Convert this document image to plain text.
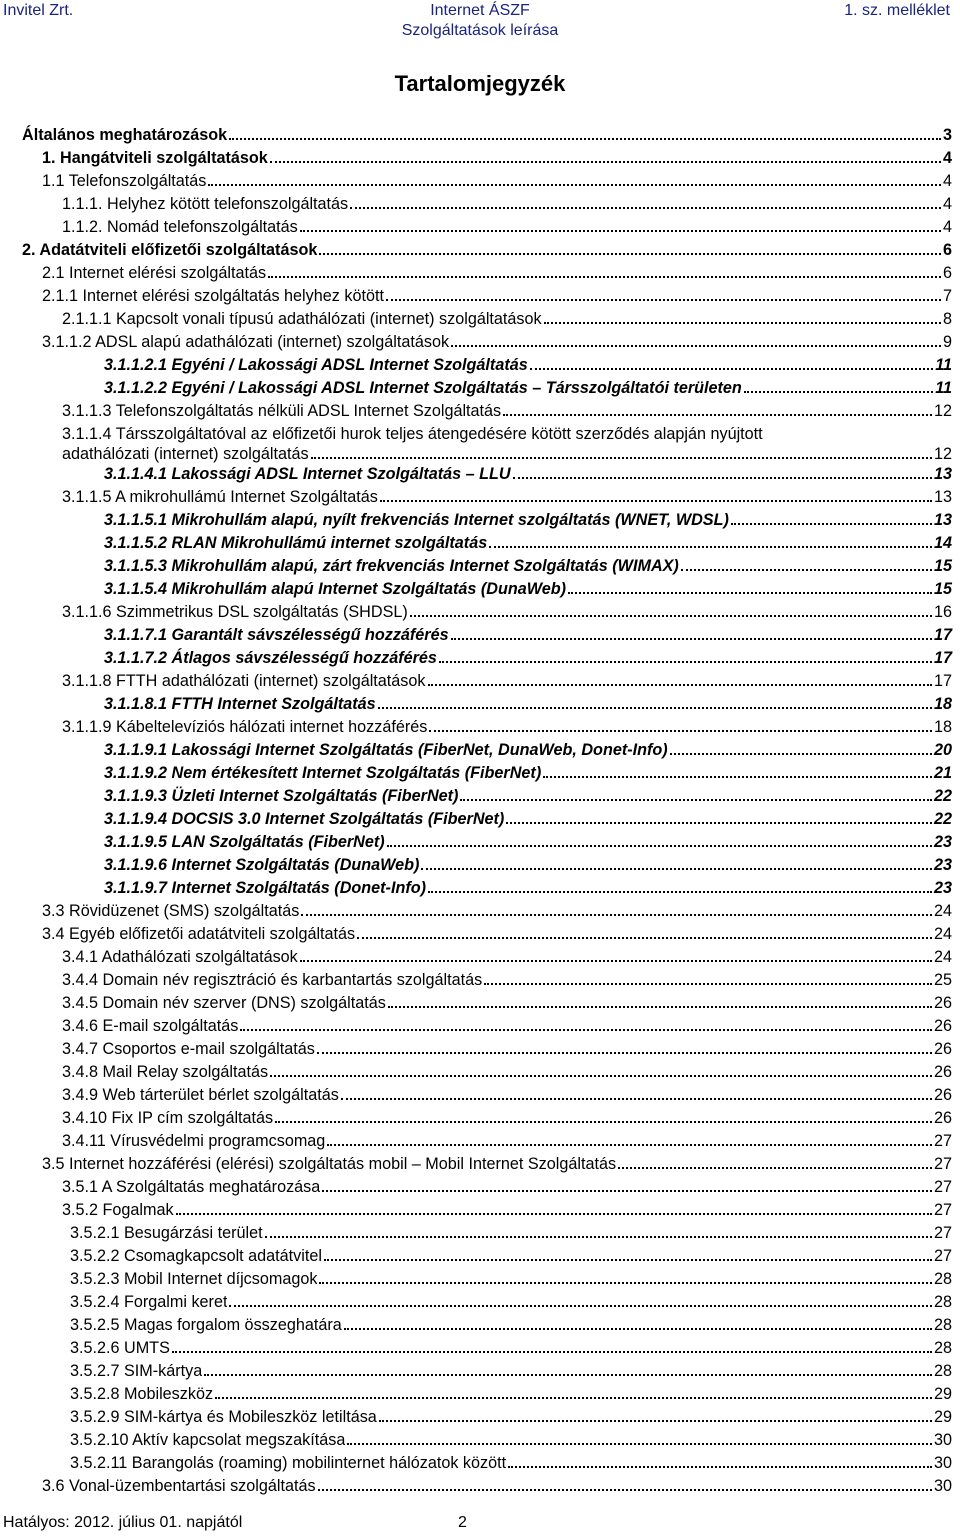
Invitel Zrt.	Internet ÁSZF
Szolgáltatások leírása
1. sz. melléklet
Tartalomjegyzék
Általános meghatározások	3
1. Hangátviteli szolgáltatások	4
1.1 Telefonszolgáltatás	4
1.1.1. Helyhez kötött telefonszolgáltatás	4
1.1.2. Nomád telefonszolgáltatás	4
2. Adatátviteli előfizetői szolgáltatások	6
2.1 Internet elérési szolgáltatás	6
2.1.1 Internet elérési szolgáltatás helyhez kötött	7
2.1.1.1 Kapcsolt vonali típusú adathálózati (internet) szolgáltatások	8
3.1.1.2 ADSL alapú adathálózati (internet) szolgáltatások	9
3.1.1.2.1 Egyéni / Lakossági ADSL Internet Szolgáltatás	11
3.1.1.2.2 Egyéni / Lakossági ADSL Internet Szolgáltatás – Társszolgáltatói területen	11
3.1.1.3 Telefonszolgáltatás nélküli ADSL Internet Szolgáltatás	12
3.1.1.4 Társszolgáltatóval az előfizetői hurok teljes átengedésére kötött szerződés alapján nyújtott
adathálózati (internet) szolgáltatás	12
3.1.1.4.1 Lakossági ADSL Internet Szolgáltatás – LLU	13
3.1.1.5 A mikrohullámú Internet Szolgáltatás	13
3.1.1.5.1 Mikrohullám alapú, nyílt frekvenciás Internet szolgáltatás (WNET, WDSL)	13
3.1.1.5.2 RLAN Mikrohullámú internet szolgáltatás	14
3.1.1.5.3 Mikrohullám alapú, zárt frekvenciás Internet Szolgáltatás (WIMAX)	15
3.1.1.5.4 Mikrohullám alapú Internet Szolgáltatás (DunaWeb)	15
3.1.1.6 Szimmetrikus DSL szolgáltatás (SHDSL)	16
3.1.1.7.1 Garantált sávszélességű hozzáférés	17
3.1.1.7.2 Átlagos sávszélességű hozzáférés	17
3.1.1.8 FTTH adathálózati (internet) szolgáltatások	17
3.1.1.8.1 FTTH Internet Szolgáltatás	18
3.1.1.9 Kábeltelevíziós hálózati internet hozzáférés	18
3.1.1.9.1 Lakossági Internet Szolgáltatás (FiberNet, DunaWeb, Donet-Info)	20
3.1.1.9.2 Nem értékesített Internet Szolgáltatás (FiberNet)	21
3.1.1.9.3 Üzleti Internet Szolgáltatás (FiberNet)	22
3.1.1.9.4 DOCSIS 3.0 Internet Szolgáltatás (FiberNet)	22
3.1.1.9.5 LAN Szolgáltatás (FiberNet)	23
3.1.1.9.6 Internet Szolgáltatás (DunaWeb)	23
3.1.1.9.7 Internet Szolgáltatás (Donet-Info)	23
3.3 Rövidüzenet (SMS) szolgáltatás	24
3.4 Egyéb előfizetői adatátviteli szolgáltatás	24
3.4.1 Adathálózati szolgáltatások	24
3.4.4 Domain név regisztráció és karbantartás szolgáltatás	25
3.4.5 Domain név szerver (DNS) szolgáltatás	26
3.4.6 E-mail szolgáltatás	26
3.4.7 Csoportos e-mail szolgáltatás	26
3.4.8 Mail Relay szolgáltatás	26
3.4.9 Web tárterület bérlet szolgáltatás	26
3.4.10 Fix IP cím szolgáltatás	26
3.4.11 Vírusvédelmi programcsomag	27
3.5 Internet hozzáférési (elérési) szolgáltatás mobil – Mobil Internet Szolgáltatás	27
3.5.1 A Szolgáltatás meghatározása	27
3.5.2 Fogalmak	27
3.5.2.1 Besugárzási terület	27
3.5.2.2 Csomagkapcsolt adatátvitel	27
3.5.2.3 Mobil Internet díjcsomagok	28
3.5.2.4 Forgalmi keret	28
3.5.2.5 Magas forgalom összeghatára	28
3.5.2.6 UMTS	28
3.5.2.7 SIM-kártya	28
3.5.2.8 Mobileszköz	29
3.5.2.9 SIM-kártya és Mobileszköz letiltása	29
3.5.2.10 Aktív kapcsolat megszakítása	30
3.5.2.11 Barangolás (roaming) mobilinternet hálózatok között	30
3.6 Vonal-üzembentartási szolgáltatás	30
Hatályos: 2012. július 01. napjától	2
